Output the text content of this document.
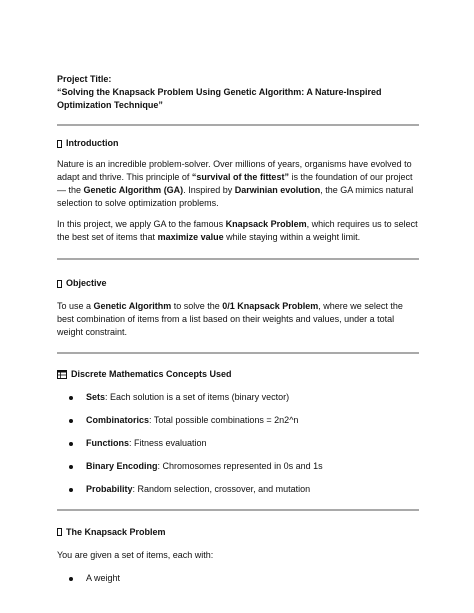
Project Title:
“Solving the Knapsack Problem Using Genetic Algorithm: A Nature-Inspired Optimization Technique”
Introduction

Nature is an incredible problem-solver. Over millions of years, organisms have evolved to adapt and thrive. This principle of “survival of the fittest” is the foundation of our project — the Genetic Algorithm (GA). Inspired by Darwinian evolution, the GA mimics natural selection to solve optimization problems.

In this project, we apply GA to the famous Knapsack Problem, which requires us to select the best set of items that maximize value while staying within a weight limit.

Objective

To use a Genetic Algorithm to solve the 0/1 Knapsack Problem, where we select the best combination of items from a list based on their weights and values, under a total weight constraint.

Discrete Mathematics Concepts Used
Sets: Each solution is a set of items (binary vector)
Combinatorics: Total possible combinations = 2n2^n
Functions: Fitness evaluation
Binary Encoding: Chromosomes represented in 0s and 1s
Probability: Random selection, crossover, and mutation
The Knapsack Problem

You are given a set of items, each with:

A weight
